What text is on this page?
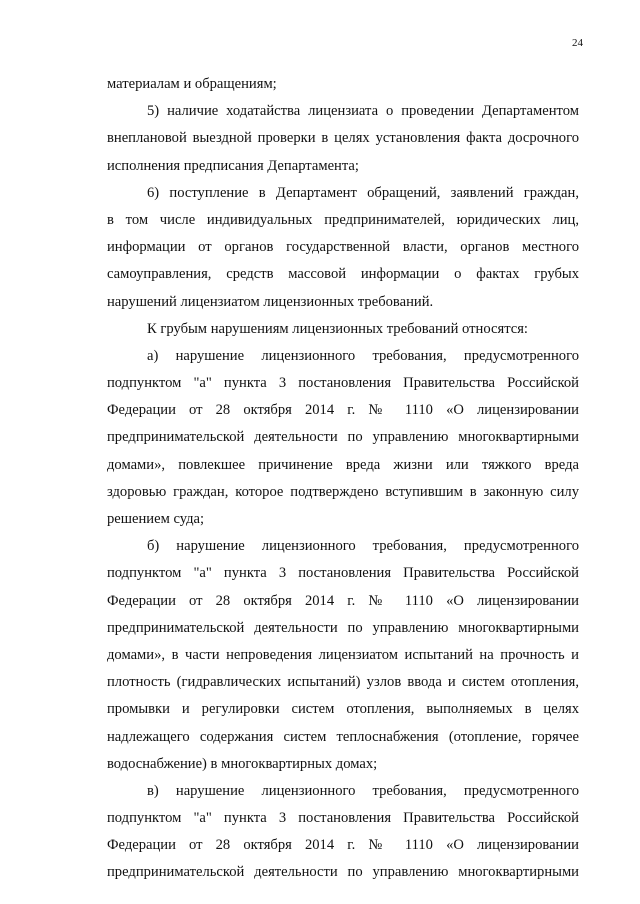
24
материалам и обращениям;
5) наличие ходатайства лицензиата о проведении Департаментом
внеплановой выездной проверки в целях установления факта досрочного
исполнения предписания Департамента;
6) поступление в Департамент обращений, заявлений граждан,
в том числе индивидуальных предпринимателей, юридических лиц,
информации от органов государственной власти, органов местного
самоуправления, средств массовой информации о фактах грубых
нарушений лицензиатом лицензионных требований.
К грубым нарушениям лицензионных требований относятся:
а) нарушение лицензионного требования, предусмотренного
подпунктом "а" пункта 3 постановления Правительства Российской
Федерации от 28 октября 2014 г. № 1110 «О лицензировании
предпринимательской деятельности по управлению многоквартирными
домами», повлекшее причинение вреда жизни или тяжкого вреда
здоровью граждан, которое подтверждено вступившим в законную силу
решением суда;
б) нарушение лицензионного требования, предусмотренного
подпунктом "а" пункта 3 постановления Правительства Российской
Федерации от 28 октября 2014 г. № 1110 «О лицензировании
предпринимательской деятельности по управлению многоквартирными
домами», в части непроведения лицензиатом испытаний на прочность и
плотность (гидравлических испытаний) узлов ввода и систем отопления,
промывки и регулировки систем отопления, выполняемых в целях
надлежащего содержания систем теплоснабжения (отопление, горячее
водоснабжение) в многоквартирных домах;
в) нарушение лицензионного требования, предусмотренного
подпунктом "а" пункта 3 постановления Правительства Российской
Федерации от 28 октября 2014 г. № 1110 «О лицензировании
предпринимательской деятельности по управлению многоквартирными
